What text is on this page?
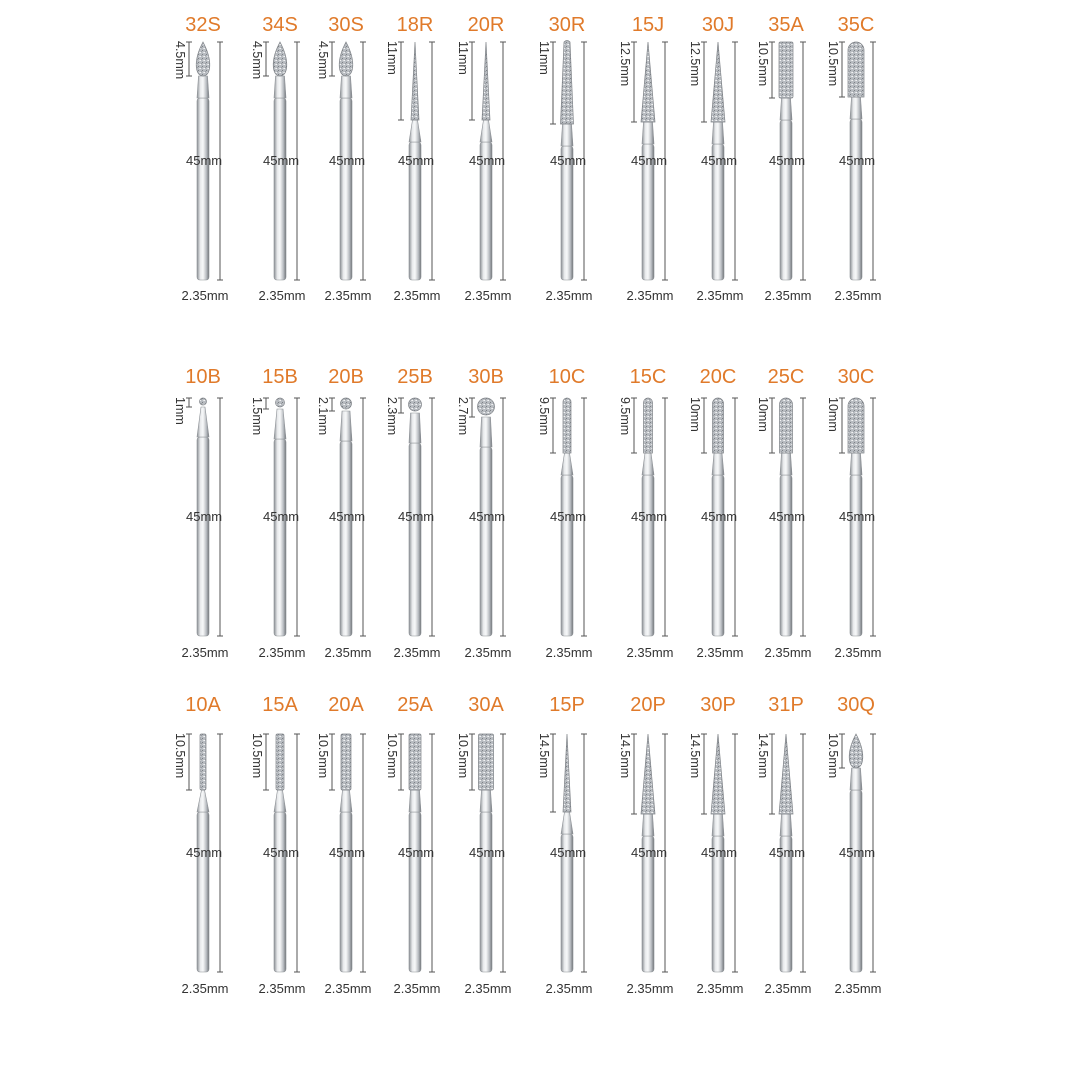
32S
4.5mm
45mm
2.35mm
34S
4.5mm
45mm
2.35mm
30S
4.5mm
45mm
2.35mm
18R
11mm
45mm
2.35mm
20R
11mm
45mm
2.35mm
30R
11mm
45mm
2.35mm
15J
12.5mm
45mm
2.35mm
30J
12.5mm
45mm
2.35mm
35A
10.5mm
45mm
2.35mm
35C
10.5mm
45mm
2.35mm
10B
1mm
45mm
2.35mm
15B
1.5mm
45mm
2.35mm
20B
2.1mm
45mm
2.35mm
25B
2.3mm
45mm
2.35mm
30B
2.7mm
45mm
2.35mm
10C
9.5mm
45mm
2.35mm
15C
9.5mm
45mm
2.35mm
20C
10mm
45mm
2.35mm
25C
10mm
45mm
2.35mm
30C
10mm
45mm
2.35mm
10A
10.5mm
45mm
2.35mm
15A
10.5mm
45mm
2.35mm
20A
10.5mm
45mm
2.35mm
25A
10.5mm
45mm
2.35mm
30A
10.5mm
45mm
2.35mm
15P
14.5mm
45mm
2.35mm
20P
14.5mm
45mm
2.35mm
30P
14.5mm
45mm
2.35mm
31P
14.5mm
45mm
2.35mm
30Q
10.5mm
45mm
2.35mm
